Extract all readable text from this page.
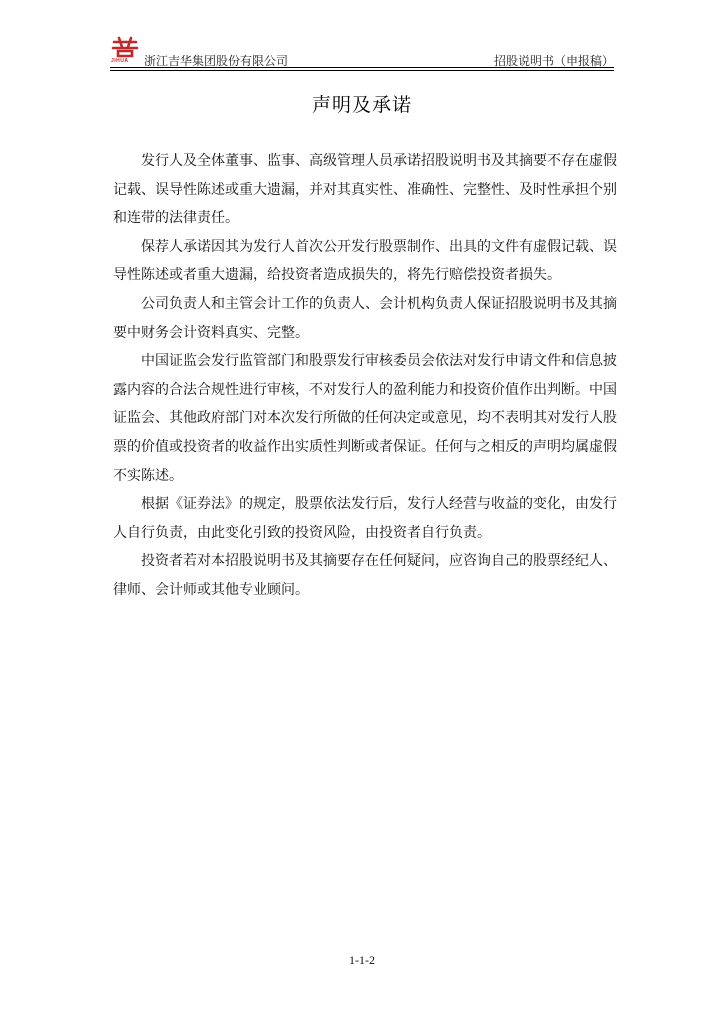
JIHUA 浙江吉华集团股份有限公司	招股说明书（申报稿）
声明及承诺

发行人及全体董事、监事、高级管理人员承诺招股说明书及其摘要不存在虚假记载、误导性陈述或重大遗漏，并对其真实性、准确性、完整性、及时性承担个别和连带的法律责任。

保荐人承诺因其为发行人首次公开发行股票制作、出具的文件有虚假记载、误导性陈述或者重大遗漏，给投资者造成损失的，将先行赔偿投资者损失。

公司负责人和主管会计工作的负责人、会计机构负责人保证招股说明书及其摘要中财务会计资料真实、完整。

中国证监会发行监管部门和股票发行审核委员会依法对发行申请文件和信息披露内容的合法合规性进行审核，不对发行人的盈利能力和投资价值作出判断。中国证监会、其他政府部门对本次发行所做的任何决定或意见，均不表明其对发行人股票的价值或投资者的收益作出实质性判断或者保证。任何与之相反的声明均属虚假不实陈述。

根据《证券法》的规定，股票依法发行后，发行人经营与收益的变化，由发行人自行负责，由此变化引致的投资风险，由投资者自行负责。

投资者若对本招股说明书及其摘要存在任何疑问，应咨询自己的股票经纪人、律师、会计师或其他专业顾问。

1-1-2
